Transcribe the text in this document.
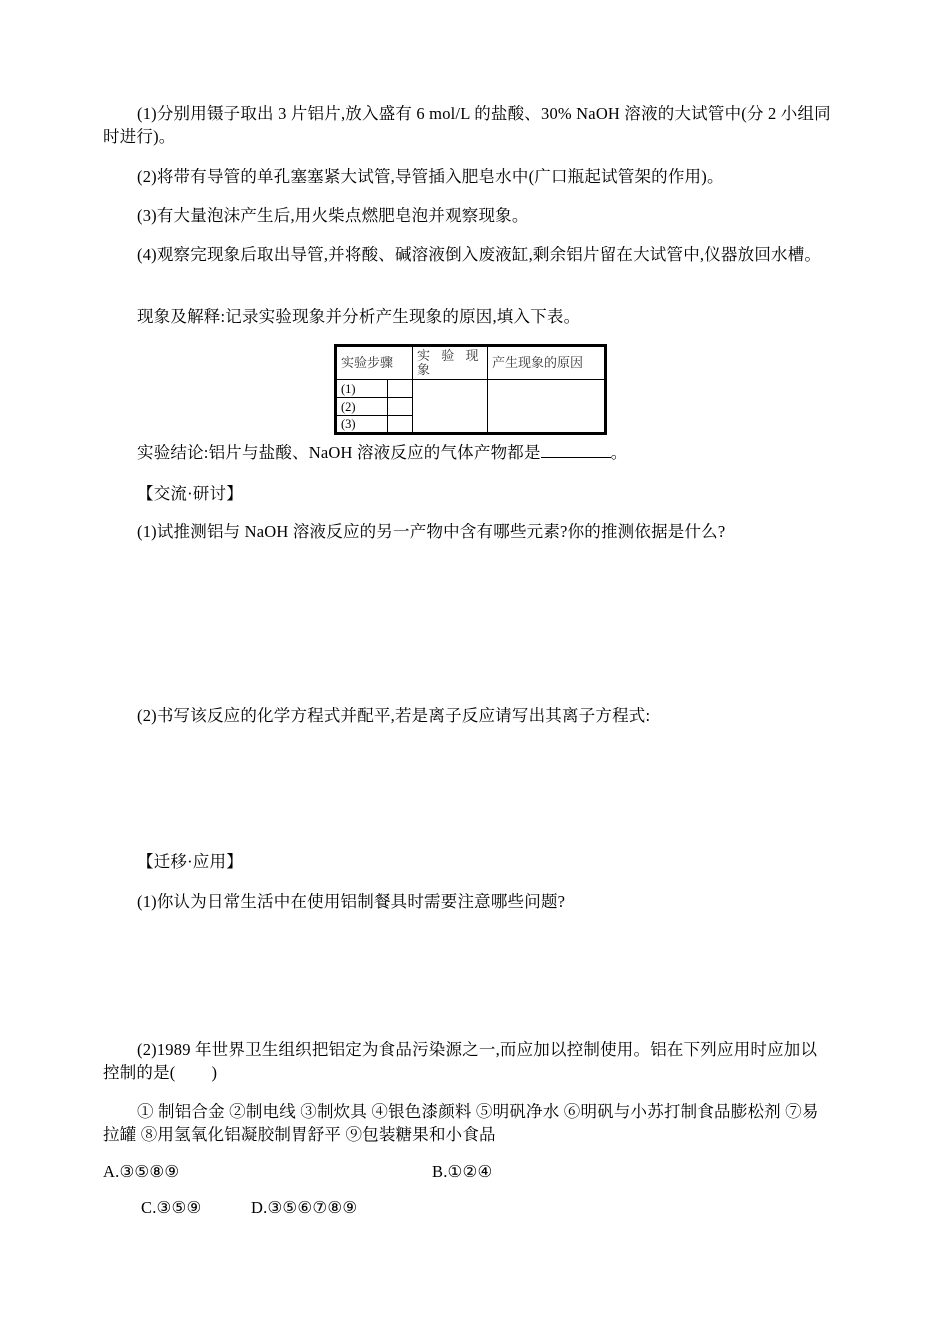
(1)分别用镊子取出 3 片铝片,放入盛有 6 mol/L 的盐酸、30% NaOH 溶液的大试管中(分 2 小组同时进行)。

(2)将带有导管的单孔塞塞紧大试管,导管插入肥皂水中(广口瓶起试管架的作用)。

(3)有大量泡沫产生后,用火柴点燃肥皂泡并观察现象。

(4)观察完现象后取出导管,并将酸、碱溶液倒入废液缸,剩余铝片留在大试管中,仪器放回水槽。

现象及解释:记录实验现象并分析产生现象的原因,填入下表。

实验步骤		实 验 现 象	产生现象的原因
(1)			
(2)			
(3)			

实验结论:铝片与盐酸、NaOH 溶液反应的气体产物都是	。

【交流·研讨】

(1)试推测铝与 NaOH 溶液反应的另一产物中含有哪些元素?你的推测依据是什么?

(2)书写该反应的化学方程式并配平,若是离子反应请写出其离子方程式:

【迁移·应用】

(1)你认为日常生活中在使用铝制餐具时需要注意哪些问题?

(2)1989 年世界卫生组织把铝定为食品污染源之一,而应加以控制使用。铝在下列应用时应加以控制的是( )

① 制铝合金 ②制电线 ③制炊具 ④银色漆颜料 ⑤明矾净水 ⑥明矾与小苏打制食品膨松剂 ⑦易拉罐 ⑧用氢氧化铝凝胶制胃舒平 ⑨包装糖果和小食品

A.③⑤⑧⑨	B.①②④

C.③⑤⑨	D.③⑤⑥⑦⑧⑨
